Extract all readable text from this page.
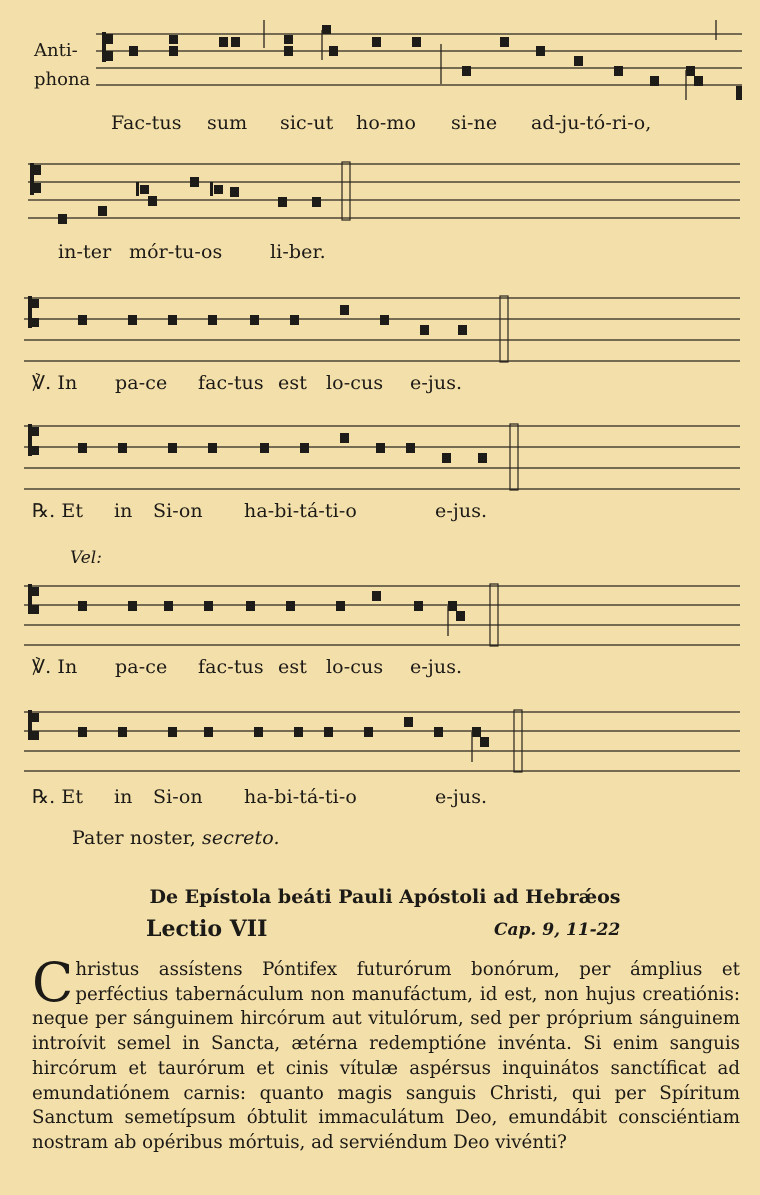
Anti-
phona
Fac-tus sum sic-ut ho-mo si-ne ad-ju-tó-ri-o,
in-ter mór-tu-os	li-ber.
℣. In pa-ce fac-tus est lo-cus e-jus.
℞. Et in Si-on ha-bi-tá-ti-o	e-jus.
Vel:
℣. In pa-ce fac-tus est lo-cus e-jus.
℞. Et in Si-on ha-bi-tá-ti-o	e-jus.
Pater noster, secreto.
De Epístola beáti Pauli Apóstoli ad Hebrǽos
Lectio VII	Cap. 9, 11-22
C hristus assístens Póntifex futurórum bonórum, per ámplius et perféctius tabernáculum non manufáctum, id est, non hujus creatiónis: neque per sánguinem hircórum aut vitulórum, sed per próprium sánguinem introívit semel in Sancta, ætérna redemptióne invénta. Si enim sanguis hircórum et taurórum et cinis vítulæ aspérsus inquinátos sanctíficat ad emundatiónem carnis: quanto magis sanguis Christi, qui per Spíritum Sanctum semetípsum óbtulit immaculátum Deo, emundábit consciéntiam nostram ab opéribus mórtuis, ad serviéndum Deo vivénti?
